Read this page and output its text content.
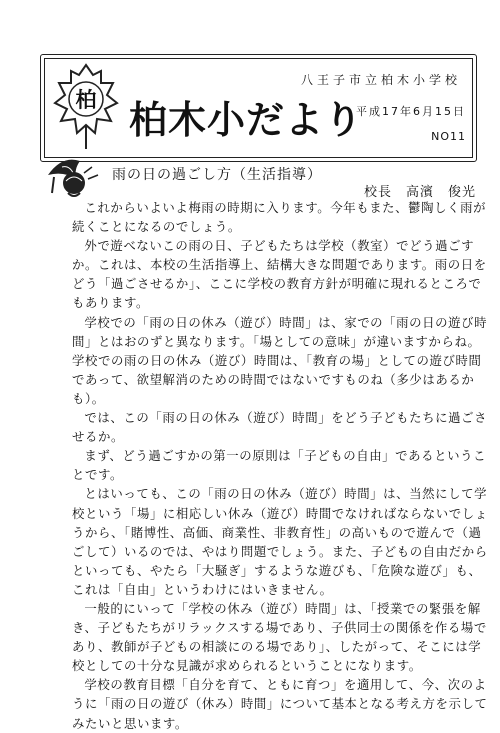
柏
八王子市立柏木小学校
柏木小だより
平成17年6月15日
NO11
雨の日の過ごし方（生活指導）
校長　高濱　俊光

これからいよいよ梅雨の時期に入ります。今年もまた、鬱陶しく雨が続くことになるのでしょう。

外で遊べないこの雨の日、子どもたちは学校（教室）でどう過ごすか。これは、本校の生活指導上、結構大きな問題であります。雨の日をどう「過ごさせるか」、ここに学校の教育方針が明確に現れるところでもあります。

学校での「雨の日の休み（遊び）時間」は、家での「雨の日の遊び時間」とはおのずと異なります。「場としての意味」が違いますからね。学校での雨の日の休み（遊び）時間は、「教育の場」としての遊び時間であって、欲望解消のための時間ではないですものね（多少はあるかも）。

では、この「雨の日の休み（遊び）時間」をどう子どもたちに過ごさせるか。

まず、どう過ごすかの第一の原則は「子どもの自由」であるということです。

とはいっても、この「雨の日の休み（遊び）時間」は、当然にして学校という「場」に相応しい休み（遊び）時間でなければならないでしょうから、「賭博性、高価、商業性、非教育性」の高いもので遊んで（過ごして）いるのでは、やはり問題でしょう。また、子どもの自由だからといっても、やたら「大騒ぎ」するような遊びも、「危険な遊び」も、これは「自由」というわけにはいきません。

一般的にいって「学校の休み（遊び）時間」は、「授業での緊張を解き、子どもたちがリラックスする場であり、子供同士の関係を作る場であり、教師が子どもの相談にのる場であり」、したがって、そこには学校としての十分な見識が求められるということになります。

学校の教育目標「自分を育て、ともに育つ」を適用して、今、次のように「雨の日の遊び（休み）時間」について基本となる考え方を示してみたいと思います。
